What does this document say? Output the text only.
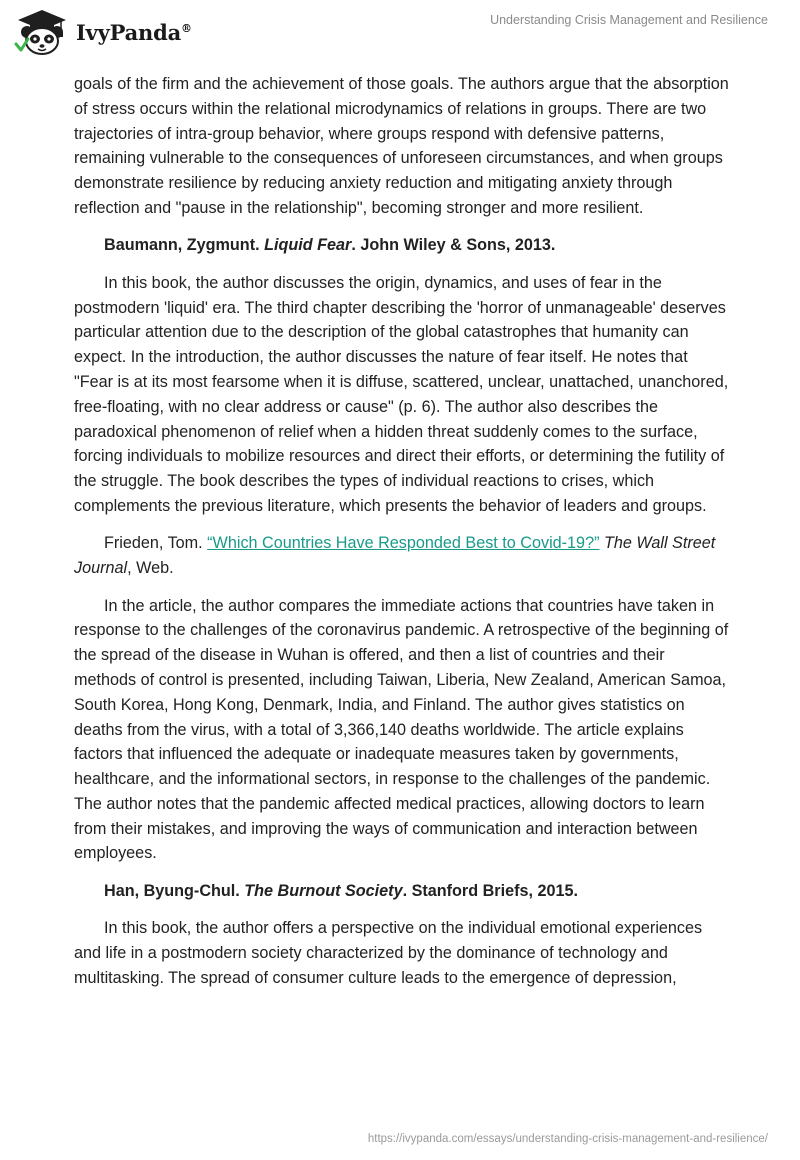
IvyPanda®
Understanding Crisis Management and Resilience

goals of the firm and the achievement of those goals. The authors argue that the absorption of stress occurs within the relational microdynamics of relations in groups. There are two trajectories of intra-group behavior, where groups respond with defensive patterns, remaining vulnerable to the consequences of unforeseen circumstances, and when groups demonstrate resilience by reducing anxiety reduction and mitigating anxiety through reflection and "pause in the relationship", becoming stronger and more resilient.

Baumann, Zygmunt. Liquid Fear. John Wiley & Sons, 2013.

In this book, the author discusses the origin, dynamics, and uses of fear in the postmodern 'liquid' era. The third chapter describing the 'horror of unmanageable' deserves particular attention due to the description of the global catastrophes that humanity can expect. In the introduction, the author discusses the nature of fear itself. He notes that "Fear is at its most fearsome when it is diffuse, scattered, unclear, unattached, unanchored, free-floating, with no clear address or cause" (p. 6). The author also describes the paradoxical phenomenon of relief when a hidden threat suddenly comes to the surface, forcing individuals to mobilize resources and direct their efforts, or determining the futility of the struggle. The book describes the types of individual reactions to crises, which complements the previous literature, which presents the behavior of leaders and groups.

Frieden, Tom. “Which Countries Have Responded Best to Covid-19?” The Wall Street Journal, Web.

In the article, the author compares the immediate actions that countries have taken in response to the challenges of the coronavirus pandemic. A retrospective of the beginning of the spread of the disease in Wuhan is offered, and then a list of countries and their methods of control is presented, including Taiwan, Liberia, New Zealand, American Samoa, South Korea, Hong Kong, Denmark, India, and Finland. The author gives statistics on deaths from the virus, with a total of 3,366,140 deaths worldwide. The article explains factors that influenced the adequate or inadequate measures taken by governments, healthcare, and the informational sectors, in response to the challenges of the pandemic. The author notes that the pandemic affected medical practices, allowing doctors to learn from their mistakes, and improving the ways of communication and interaction between employees.

Han, Byung-Chul. The Burnout Society. Stanford Briefs, 2015.

In this book, the author offers a perspective on the individual emotional experiences and life in a postmodern society characterized by the dominance of technology and multitasking. The spread of consumer culture leads to the emergence of depression,

https://ivypanda.com/essays/understanding-crisis-management-and-resilience/
